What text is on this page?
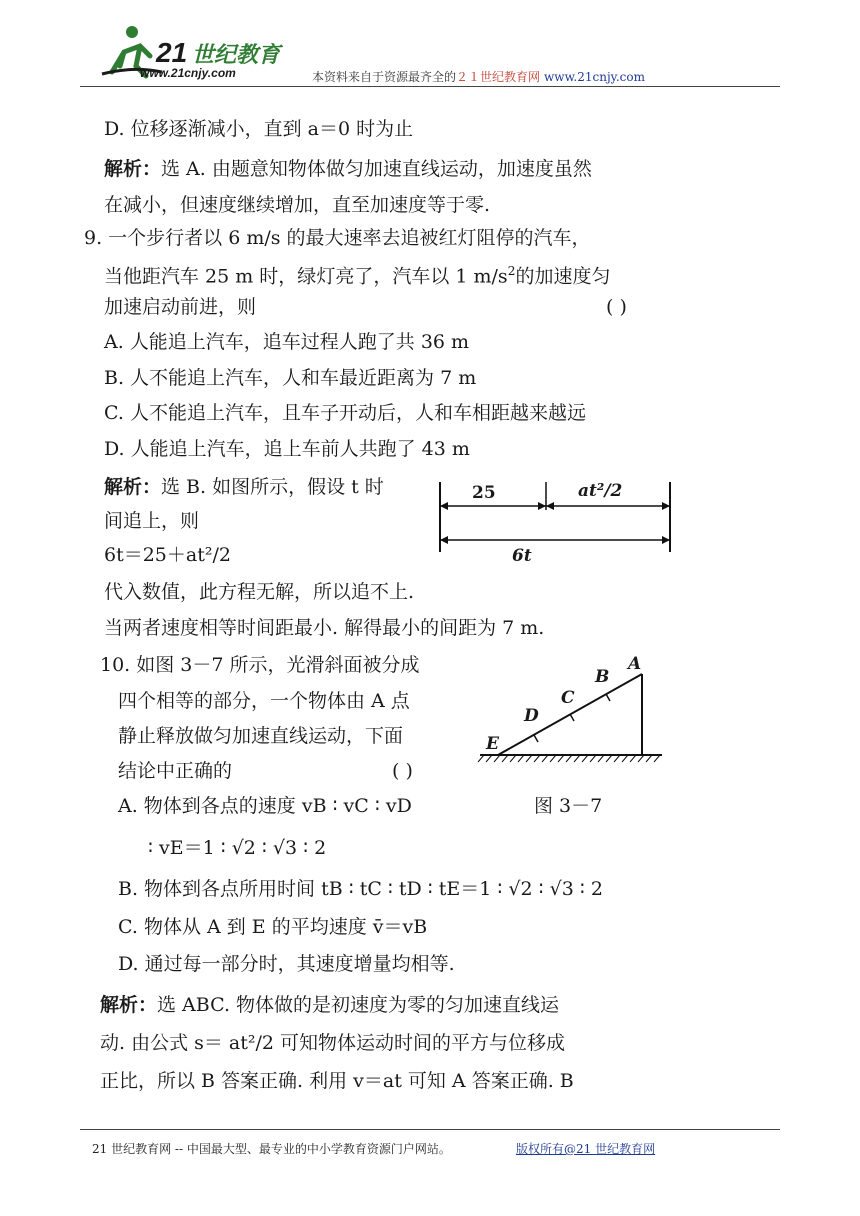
21 世纪教育
www.21cnjy.com	本资料来自于资源最齐全的２１世纪教育网 www.21cnjy.com
D. 位移逐渐减小，直到 a＝0 时为止
解析：选 A. 由题意知物体做匀加速直线运动，加速度虽然
在减小，但速度继续增加，直至加速度等于零.
9. 一个步行者以 6 m/s 的最大速率去追被红灯阻停的汽车，
当他距汽车 25 m 时，绿灯亮了，汽车以 1 $m/s^2$的加速度匀
加速启动前进，则	( )
A. 人能追上汽车，追车过程人跑了共 36 m
B. 人不能追上汽车，人和车最近距离为 7 m
C. 人不能追上汽车，且车子开动后，人和车相距越来越远
D. 人能追上汽车，追上车前人共跑了 43 m
解析：选 B. 如图所示，假设 t 时
间追上，则
6t＝25＋at²/2
代入数值，此方程无解，所以追不上.
当两者速度相等时间距最小. 解得最小的间距为 7 m.
25	at²/2
6t
10. 如图 3－7 所示，光滑斜面被分成
四个相等的部分，一个物体由 A 点
静止释放做匀加速直线运动，下面
结论中正确的	( )
A. 物体到各点的速度 vB ∶ vC ∶ vD
∶ vE＝1 ∶ √2 ∶ √3 ∶ 2
B. 物体到各点所用时间 tB ∶ tC ∶ tD ∶ tE＝1 ∶ √2 ∶ √3 ∶ 2
C. 物体从 A 到 E 的平均速度 v̄＝vB
D. 通过每一部分时，其速度增量均相等.
E
D
C
B
A
图 3－7
解析：选 ABC. 物体做的是初速度为零的匀加速直线运
动. 由公式 s＝ at²/2 可知物体运动时间的平方与位移成
正比，所以 B 答案正确. 利用 v＝at 可知 A 答案正确. B
21 世纪教育网 -- 中国最大型、最专业的中小学教育资源门户网站。	版权所有@21 世纪教育网
